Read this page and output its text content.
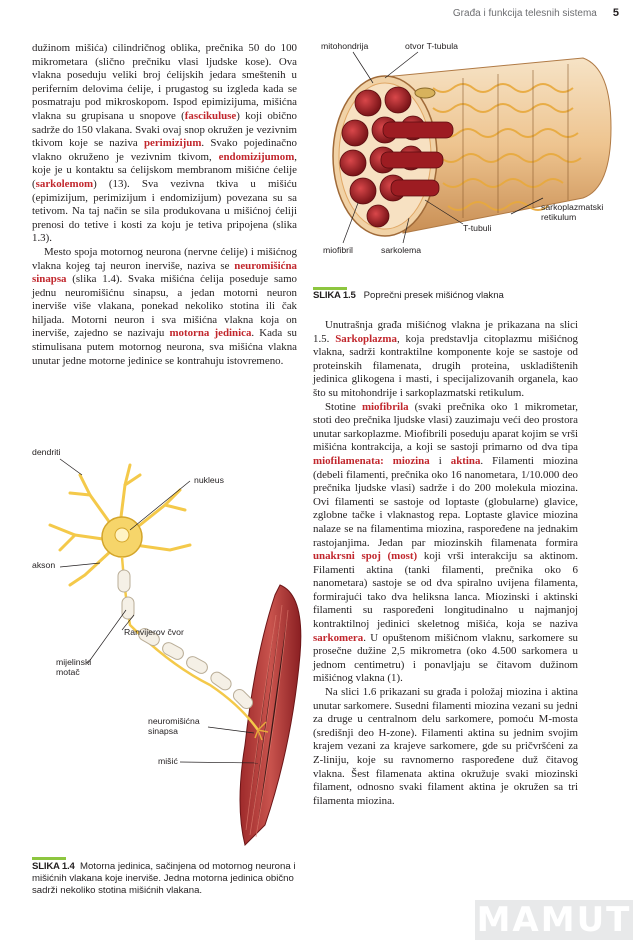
Građa i funkcija telesnih sistema 5

dužinom mišića) cilindričnog oblika, prečnika 50 do 100 mikrometara (slično prečniku vlasi ljudske kose). Ova vlakna poseduju veliki broj ćelijskih jedara smeštenih u periferním delovima ćelije, i prugastog su izgleda kada se posmatraju pod mikroskopom. Ispod epimizijuma, mišićna vlakna su grupisana u snopove (fascikuluse) koji obično sadrže do 150 vlakana. Svaki ovaj snop okružen je vezivnim tkivom koje se naziva perimizijum. Svako pojedinačno vlakno okruženo je vezivnim tkivom, endomizijumom, koje je u kontaktu sa ćelijskom membranom mišićne ćelije (sarkolemom) (13). Sva vezivna tkiva u mišiću (epimizijum, perimizijum i endomizijum) povezana su sa tetivom. Na taj način se sila produkovana u mišićnoj ćeliji prenosi do tetive i kosti za koju je tetiva pripojena (slika 1.3).

Mesto spoja motornog neurona (nervne ćelije) i mišićnog vlakna kojeg taj neuron inerviše, naziva se neuromišićna sinapsa (slika 1.4). Svaka mišićna ćelija poseduje samo jednu neuromišićnu sinapsu, a jedan motorni neuron inerviše više vlakana, ponekad nekoliko stotina ili čak hiljada. Motorni neuron i sva mišićna vlakna koja on inerviše, zajedno se nazivaju motorna jedinica. Kada su stimulisana putem motornog neurona, sva mišićna vlakna unutar jedne motorne jedinice se kontrahuju istovremeno.

mitohondrija	otvor T-tubula
sarkoplazmatski
retikulum
T-tubuli
miofibril	sarkolema
SLIKA 1.5 Poprečni presek mišićnog vlakna
dendriti
nukleus
akson
Ranvijerov čvor
mijelinski
motač
neuromišićna
sinapsa
mišić
SLIKA 1.4 Motorna jedinica, sačinjena od motornog neurona i mišićnih vlakana koje inerviše. Jedna motorna jedinica obično sadrži nekoliko stotina mišićnih vlakana.

Unutrašnja građa mišićnog vlakna je prikazana na slici 1.5. Sarkoplazma, koja predstavlja citoplazmu mišićnog vlakna, sadrži kontraktilne komponente koje se sastoje od proteinskih filamenata, drugih proteina, uskladištenih jedinica glikogena i masti, i specijalizovanih organela, kao što su mitohondrije i sarkoplazmatski retikulum.

Stotine miofibrila (svaki prečnika oko 1 mikrometar, stoti deo prečnika ljudske vlasi) zauzimaju veći deo prostora unutar sarkoplazme. Miofibrili poseduju aparat kojim se vrši mišićna kontrakcija, a koji se sastoji primarno od dva tipa miofilamenata: miozina i aktina. Filamenti miozina (debeli filamenti, prečnika oko 16 nanometara, 1/10.000 deo prečnika ljudske vlasi) sadrže i do 200 molekula miozina. Ovi filamenti se sastoje od loptaste (globularne) glavice, zglobne tačke i vlaknastog repa. Loptaste glavice miozina nalaze se na filamentima miozina, raspoređene na jednakim rastojanjima. Jedan par miozinskih filamenata formira unakrsni spoj (most) koji vrši interakciju sa aktinom. Filamenti aktina (tanki filamenti, prečnika oko 6 nanometara) sastoje se od dva spiralno uvijena filamenta, formirajući tako dva heliksna lanca. Miozinski i aktinski filamenti su raspoređeni longitudinalno u najmanjoj kontraktilnoj jedinici skeletnog mišića, koja se naziva sarkomera. U opuštenom mišićnom vlaknu, sarkomere su prosečne dužine 2,5 mikrometra (oko 4.500 sarkomera u jednom centimetru) i ponavljaju se čitavom dužinom mišićnog vlakna (1).

Na slici 1.6 prikazani su građa i položaj miozina i aktina unutar sarkomere. Susedni filamenti miozina vezani su jedni za druge u centralnom delu sarkomere, pomoću M-mosta (središnji deo H-zone). Filamenti aktina su jednim svojim krajem vezani za krajeve sarkomere, gde su pričvršćeni za Z-liniju, koje su ravnomerno raspoređene duž čitavog vlakna. Šest filamenata aktina okružuje svaki miozinski filament, odnosno svaki filament aktina je okružen sa tri filamenta miozina.

MAMUT
